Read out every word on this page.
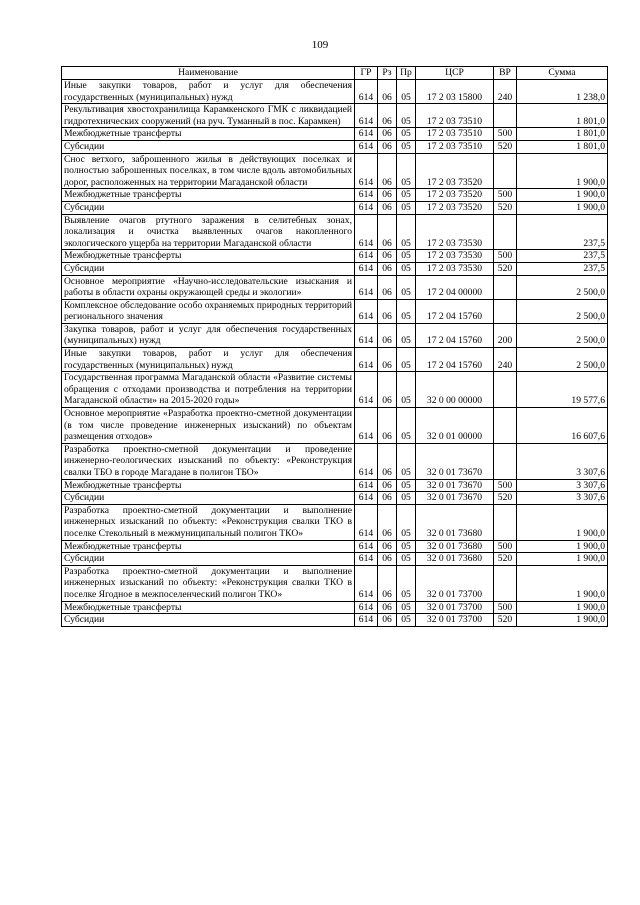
109
Наименование	ГР	Рз	Пр	ЦСР	ВР	Сумма
Иные закупки товаров, работ и услуг для обеспечения государственных (муниципальных) нужд	614	06	05	17 2 03 15800	240	1 238,0
Рекультивация хвостохранилища Карамкенского ГМК с ликвидацией гидротехнических сооружений (на руч. Туманный в пос. Карамкен)	614	06	05	17 2 03 73510		1 801,0
Межбюджетные трансферты	614	06	05	17 2 03 73510	500	1 801,0
Субсидии	614	06	05	17 2 03 73510	520	1 801,0
Снос ветхого, заброшенного жилья в действующих поселках и полностью заброшенных поселках, в том числе вдоль автомобильных дорог, расположенных на территории Магаданской области	614	06	05	17 2 03 73520		1 900,0
Межбюджетные трансферты	614	06	05	17 2 03 73520	500	1 900,0
Субсидии	614	06	05	17 2 03 73520	520	1 900,0
Выявление очагов ртутного заражения в селитебных зонах, локализация и очистка выявленных очагов накопленного экологического ущерба на территории Магаданской области	614	06	05	17 2 03 73530		237,5
Межбюджетные трансферты	614	06	05	17 2 03 73530	500	237,5
Субсидии	614	06	05	17 2 03 73530	520	237,5
Основное мероприятие «Научно-исследовательские изыскания и работы в области охраны окружающей среды и экологии»	614	06	05	17 2 04 00000		2 500,0
Комплексное обследование особо охраняемых природных территорий регионального значения	614	06	05	17 2 04 15760		2 500,0
Закупка товаров, работ и услуг для обеспечения государственных (муниципальных) нужд	614	06	05	17 2 04 15760	200	2 500,0
Иные закупки товаров, работ и услуг для обеспечения государственных (муниципальных) нужд	614	06	05	17 2 04 15760	240	2 500,0
Государственная программа Магаданской области «Развитие системы обращения с отходами производства и потребления на территории Магаданской области» на 2015-2020 годы»	614	06	05	32 0 00 00000		19 577,6
Основное мероприятие «Разработка проектно-сметной документации (в том числе проведение инженерных изысканий) по объектам размещения отходов»	614	06	05	32 0 01 00000		16 607,6
Разработка проектно-сметной документации и проведение инженерно-геологических изысканий по объекту: «Реконструкция свалки ТБО в городе Магадане в полигон ТБО»	614	06	05	32 0 01 73670		3 307,6
Межбюджетные трансферты	614	06	05	32 0 01 73670	500	3 307,6
Субсидии	614	06	05	32 0 01 73670	520	3 307,6
Разработка проектно-сметной документации и выполнение инженерных изысканий по объекту: «Реконструкция свалки ТКО в поселке Стекольный в межмуниципальный полигон ТКО»	614	06	05	32 0 01 73680		1 900,0
Межбюджетные трансферты	614	06	05	32 0 01 73680	500	1 900,0
Субсидии	614	06	05	32 0 01 73680	520	1 900,0
Разработка проектно-сметной документации и выполнение инженерных изысканий по объекту: «Реконструкция свалки ТКО в поселке Ягодное в межпоселенческий полигон ТКО»	614	06	05	32 0 01 73700		1 900,0
Межбюджетные трансферты	614	06	05	32 0 01 73700	500	1 900,0
Субсидии	614	06	05	32 0 01 73700	520	1 900,0
